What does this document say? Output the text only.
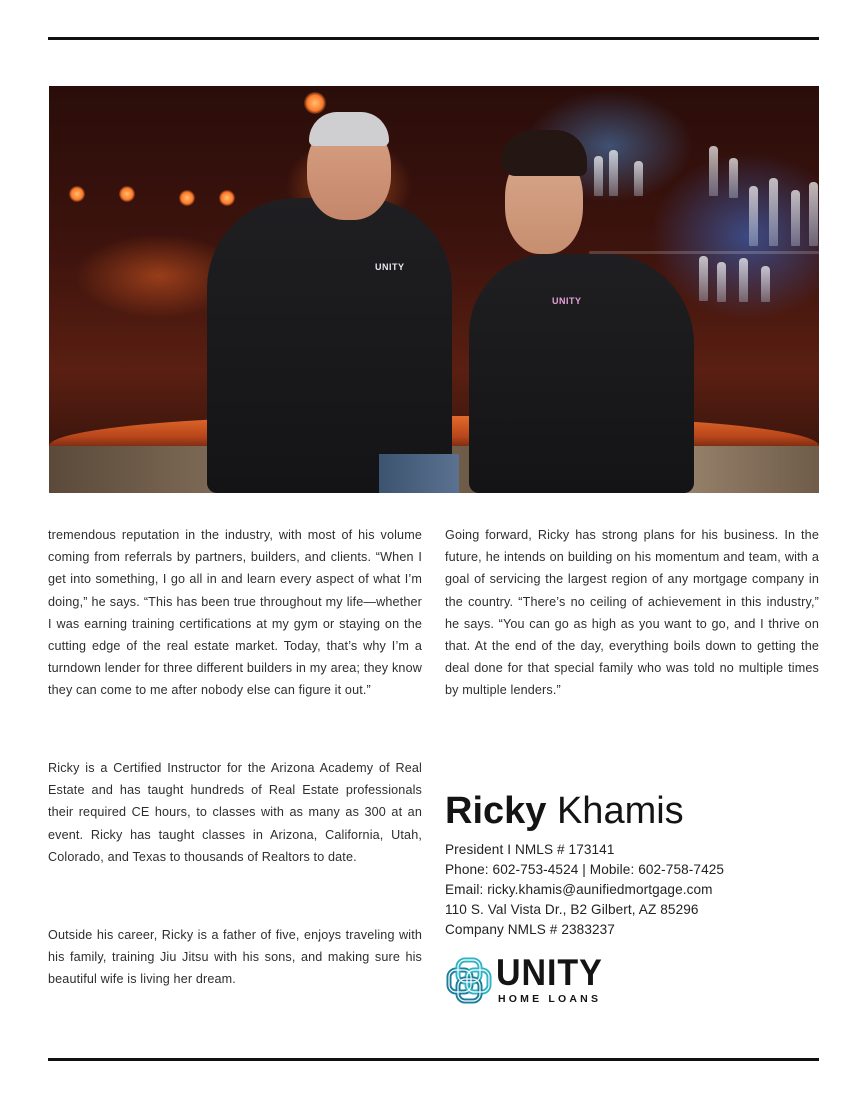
UNITY
UNITY

tremendous reputation in the industry, with most of his volume coming from referrals by partners, builders, and clients. “When I get into something, I go all in and learn every aspect of what I’m doing,” he says. “This has been true throughout my life—whether I was earning training certifications at my gym or staying on the cutting edge of the real estate market. Today, that’s why I’m a turndown lender for three different builders in my area; they know they can come to me after nobody else can figure it out.”

Ricky is a Certified Instructor for the Arizona Academy of Real Estate and has taught hundreds of Real Estate professionals their required CE hours, to classes with as many as 300 at an event. Ricky has taught classes in Arizona, California, Utah, Colorado, and Texas to thousands of Realtors to date.

Outside his career, Ricky is a father of five, enjoys traveling with his family, training Jiu Jitsu with his sons, and making sure his beautiful wife is living her dream.

Going forward, Ricky has strong plans for his business. In the future, he intends on building on his momentum and team, with a goal of servicing the largest region of any mortgage company in the country. “There’s no ceiling of achievement in this industry,” he says. “You can go as high as you want to go, and I thrive on that. At the end of the day, everything boils down to getting the deal done for that special family who was told no multiple times by multiple lenders.”

Ricky Khamis
President I NMLS # 173141
Phone: 602-753-4524 | Mobile: 602-758-7425
Email: ricky.khamis@aunifiedmortgage.com
110 S. Val Vista Dr., B2 Gilbert, AZ 85296
Company NMLS # 2383237
UNITY
HOME LOANS
